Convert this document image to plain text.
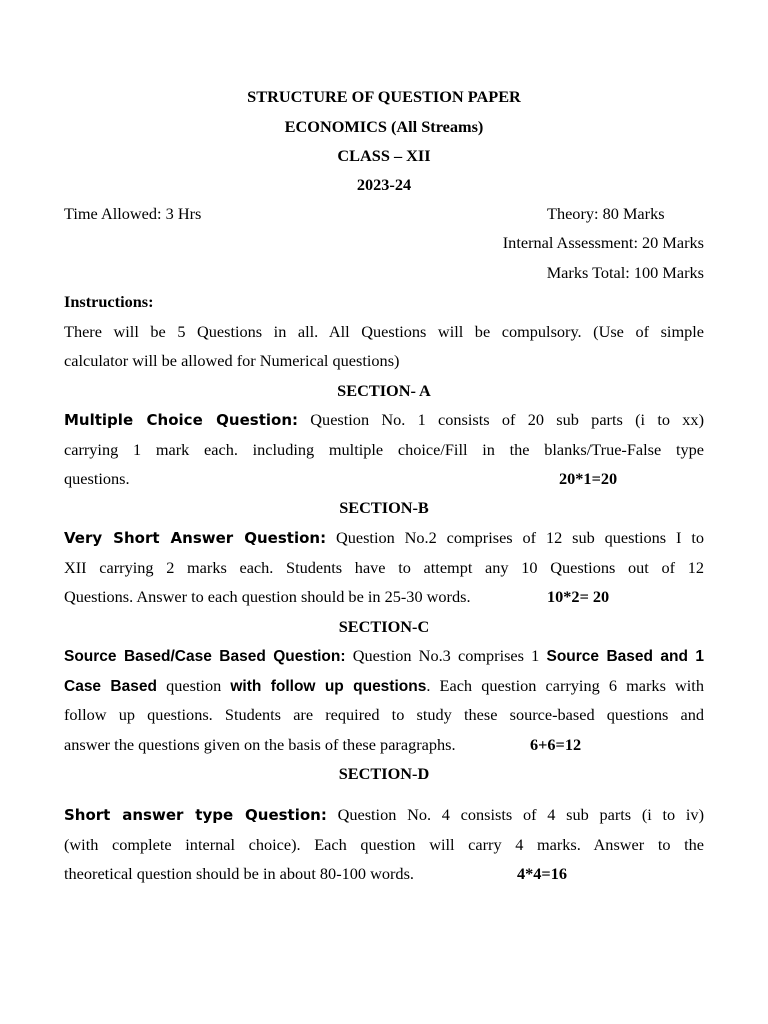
STRUCTURE OF QUESTION PAPER
ECONOMICS (All Streams)
CLASS – XII
2023-24
Time Allowed: 3 Hrs	Theory: 80 Marks
Internal Assessment: 20 Marks
Marks Total: 100 Marks
Instructions:
There will be 5 Questions in all. All Questions will be compulsory. (Use of simple
calculator will be allowed for Numerical questions)
SECTION- A
Multiple Choice Question: Question No. 1 consists of 20 sub parts (i to xx)
carrying 1 mark each. including multiple choice/Fill in the blanks/True-False type
questions.	20*1=20
SECTION-B
Very Short Answer Question: Question No.2 comprises of 12 sub questions I to
XII carrying 2 marks each. Students have to attempt any 10 Questions out of 12
Questions. Answer to each question should be in 25-30 words.	10*2= 20
SECTION-C
Source Based/Case Based Question: Question No.3 comprises 1 Source Based and 1
Case Based question with follow up questions. Each question carrying 6 marks with
follow up questions. Students are required to study these source-based questions and
answer the questions given on the basis of these paragraphs.	6+6=12
SECTION-D
Short answer type Question: Question No. 4 consists of 4 sub parts (i to iv)
(with complete internal choice). Each question will carry 4 marks. Answer to the
theoretical question should be in about 80-100 words.	4*4=16
